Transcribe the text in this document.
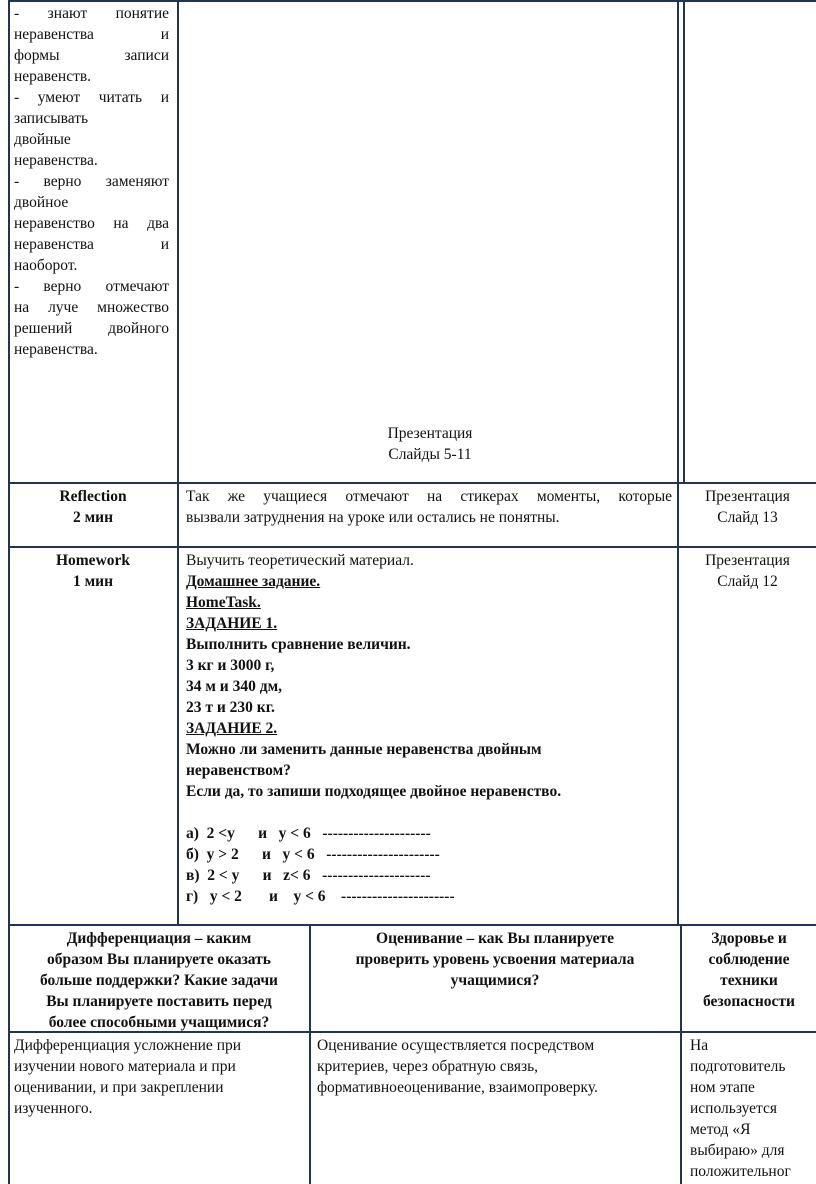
- знают понятие

неравенства и

формы записи

неравенств.

- умеют читать и

записывать

двойные

неравенства.

- верно заменяют

двойное

неравенство на два

неравенства и

наоборот.

- верно отмечают

на луче множество

решений двойного

неравенства.

Презентация
Слайды 5-11
Reflection
2 мин

Так же учащиеся отмечают на стикерах моменты, которые

вызвали затруднения на уроке или остались не понятны.

Презентация
Слайд 13
Homework
1 мин
Выучить теоретический материал.
Домашнее задание.
HomeTask.
ЗАДАНИЕ 1.
Выполнить сравнение величин.
3 кг и 3000 г,
34 м и 340 дм,
23 т и 230 кг.
ЗАДАНИЕ 2.
Можно ли заменить данные неравенства двойным
неравенством?
Если да, то запиши подходящее двойное неравенство.
а)  2 <у      и   у < 6   ---------------------
б)  у > 2      и   у < 6   ----------------------
в)  2 < у      и   z< 6   ---------------------
г)   у < 2       и    у < 6    ----------------------
Презентация
Слайд 12
Дифференциация – каким
образом Вы планируете оказать
больше поддержки? Какие задачи
Вы планируете поставить перед
более способными учащимися?
Оценивание – как Вы планируете
проверить уровень усвоения материала
учащимися?
Здоровье и
соблюдение
техники
безопасности
Дифференциация усложнение при
изучении нового материала и при
оценивании, и при закреплении
изученного.
Оценивание осуществляется посредством
критериев, через обратную связь,
формативноеоценивание, взаимопроверку.
На
подготовитель
ном этапе
используется
метод «Я
выбираю» для
положительног
